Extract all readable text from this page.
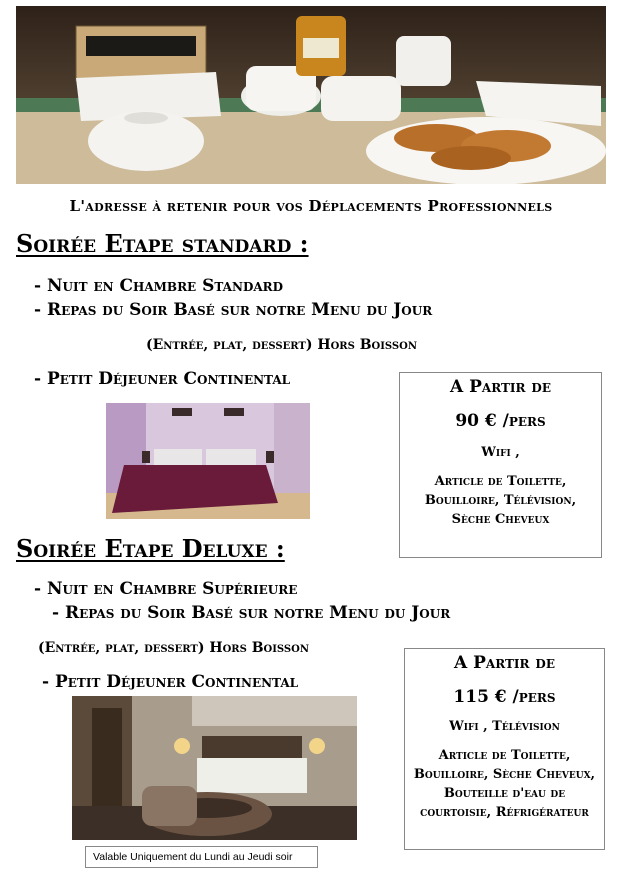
L'adresse à retenir pour vos Déplacements Professionnels
Soirée Etape standard :
- Nuit en Chambre Standard
- Repas du Soir Basé sur notre Menu du Jour
(Entrée, plat, dessert) Hors Boisson
- Petit Déjeuner Continental	A Partir de
90 € /pers
Wifi ,
Article de Toilette, Bouilloire, Télévision, Sèche Cheveux
Soirée Etape Deluxe :
- Nuit en Chambre Supérieure
- Repas du Soir Basé sur notre Menu du Jour
(Entrée, plat, dessert) Hors Boisson
- Petit Déjeuner Continental
A Partir de
115 € /pers
Wifi , Télévision
Article de Toilette, Bouilloire, Sèche Cheveux, Bouteille d'eau de courtoisie, Réfrigérateur
Valable Uniquement du Lundi au Jeudi soir
